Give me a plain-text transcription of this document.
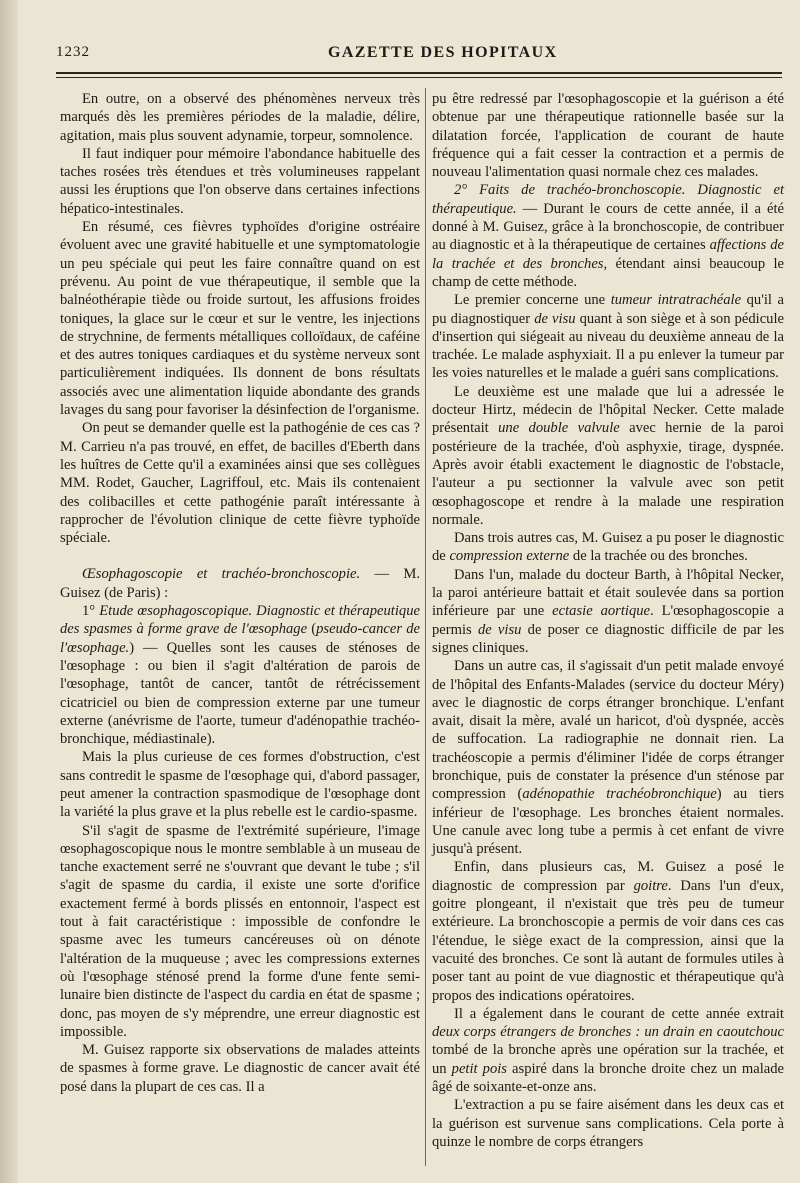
1232	GAZETTE DES HOPITAUX

En outre, on a observé des phénomènes nerveux très marqués dès les premières périodes de la maladie, délire, agitation, mais plus souvent adynamie, torpeur, somnolence.

Il faut indiquer pour mémoire l'abondance habituelle des taches rosées très étendues et très volumineuses rappelant aussi les éruptions que l'on observe dans certaines infections hépatico-intestinales.

En résumé, ces fièvres typhoïdes d'origine ostréaire évoluent avec une gravité habituelle et une symptomatologie un peu spéciale qui peut les faire connaître quand on est prévenu. Au point de vue thérapeutique, il semble que la balnéothérapie tiède ou froide surtout, les affusions froides toniques, la glace sur le cœur et sur le ventre, les injections de strychnine, de ferments métalliques colloïdaux, de caféine et des autres toniques cardiaques et du système nerveux sont particulièrement indiquées. Ils donnent de bons résultats associés avec une alimentation liquide abondante des grands lavages du sang pour favoriser la désinfection de l'organisme.

On peut se demander quelle est la pathogénie de ces cas ? M. Carrieu n'a pas trouvé, en effet, de bacilles d'Eberth dans les huîtres de Cette qu'il a examinées ainsi que ses collègues MM. Rodet, Gaucher, Lagriffoul, etc. Mais ils contenaient des colibacilles et cette pathogénie paraît intéressante à rapprocher de l'évolution clinique de cette fièvre typhoïde spéciale.

Œsophagoscopie et trachéo-bronchoscopie. — M. Guisez (de Paris) :

1° Etude œsophagoscopique. Diagnostic et thérapeutique des spasmes à forme grave de l'œsophage (pseudo-cancer de l'œsophage.) — Quelles sont les causes de sténoses de l'œsophage : ou bien il s'agit d'altération de parois de l'œsophage, tantôt de cancer, tantôt de rétrécissement cicatriciel ou bien de compression externe par une tumeur externe (anévrisme de l'aorte, tumeur d'adénopathie trachéo-bronchique, médiastinale).

Mais la plus curieuse de ces formes d'obstruction, c'est sans contredit le spasme de l'œsophage qui, d'abord passager, peut amener la contraction spasmodique de l'œsophage dont la variété la plus grave et la plus rebelle est le cardio-spasme.

S'il s'agit de spasme de l'extrémité supérieure, l'image œsophagoscopique nous le montre semblable à un museau de tanche exactement serré ne s'ouvrant que devant le tube ; s'il s'agit de spasme du cardia, il existe une sorte d'orifice exactement fermé à bords plissés en entonnoir, l'aspect est tout à fait caractéristique : impossible de confondre le spasme avec les tumeurs cancéreuses où on dénote l'altération de la muqueuse ; avec les compressions externes où l'œsophage sténosé prend la forme d'une fente semi-lunaire bien distincte de l'aspect du cardia en état de spasme ; donc, pas moyen de s'y méprendre, une erreur diagnostic est impossible.

M. Guisez rapporte six observations de malades atteints de spasmes à forme grave. Le diagnostic de cancer avait été posé dans la plupart de ces cas. Il a

pu être redressé par l'œsophagoscopie et la guérison a été obtenue par une thérapeutique rationnelle basée sur la dilatation forcée, l'application de courant de haute fréquence qui a fait cesser la contraction et a permis de nouveau l'alimentation quasi normale chez ces malades.

2° Faits de trachéo-bronchoscopie. Diagnostic et thérapeutique. — Durant le cours de cette année, il a été donné à M. Guisez, grâce à la bronchoscopie, de contribuer au diagnostic et à la thérapeutique de certaines affections de la trachée et des bronches, étendant ainsi beaucoup le champ de cette méthode.

Le premier concerne une tumeur intratrachéale qu'il a pu diagnostiquer de visu quant à son siège et à son pédicule d'insertion qui siégeait au niveau du deuxième anneau de la trachée. Le malade asphyxiait. Il a pu enlever la tumeur par les voies naturelles et le malade a guéri sans complications.

Le deuxième est une malade que lui a adressée le docteur Hirtz, médecin de l'hôpital Necker. Cette malade présentait une double valvule avec hernie de la paroi postérieure de la trachée, d'où asphyxie, tirage, dyspnée. Après avoir établi exactement le diagnostic de l'obstacle, l'auteur a pu sectionner la valvule avec son petit œsophagoscope et rendre à la malade une respiration normale.

Dans trois autres cas, M. Guisez a pu poser le diagnostic de compression externe de la trachée ou des bronches.

Dans l'un, malade du docteur Barth, à l'hôpital Necker, la paroi antérieure battait et était soulevée dans sa portion inférieure par une ectasie aortique. L'œsophagoscopie a permis de visu de poser ce diagnostic difficile de par les signes cliniques.

Dans un autre cas, il s'agissait d'un petit malade envoyé de l'hôpital des Enfants-Malades (service du docteur Méry) avec le diagnostic de corps étranger bronchique. L'enfant avait, disait la mère, avalé un haricot, d'où dyspnée, accès de suffocation. La radiographie ne donnait rien. La trachéoscopie a permis d'éliminer l'idée de corps étranger bronchique, puis de constater la présence d'un sténose par compression (adénopathie trachéobronchique) au tiers inférieur de l'œsophage. Les bronches étaient normales. Une canule avec long tube a permis à cet enfant de vivre jusqu'à présent.

Enfin, dans plusieurs cas, M. Guisez a posé le diagnostic de compression par goitre. Dans l'un d'eux, goitre plongeant, il n'existait que très peu de tumeur extérieure. La bronchoscopie a permis de voir dans ces cas l'étendue, le siège exact de la compression, ainsi que la vacuité des bronches. Ce sont là autant de formules utiles à poser tant au point de vue diagnostic et thérapeutique qu'à propos des indications opératoires.

Il a également dans le courant de cette année extrait deux corps étrangers de bronches : un drain en caoutchouc tombé de la bronche après une opération sur la trachée, et un petit pois aspiré dans la bronche droite chez un malade âgé de soixante-et-onze ans.

L'extraction a pu se faire aisément dans les deux cas et la guérison est survenue sans complications. Cela porte à quinze le nombre de corps étrangers
